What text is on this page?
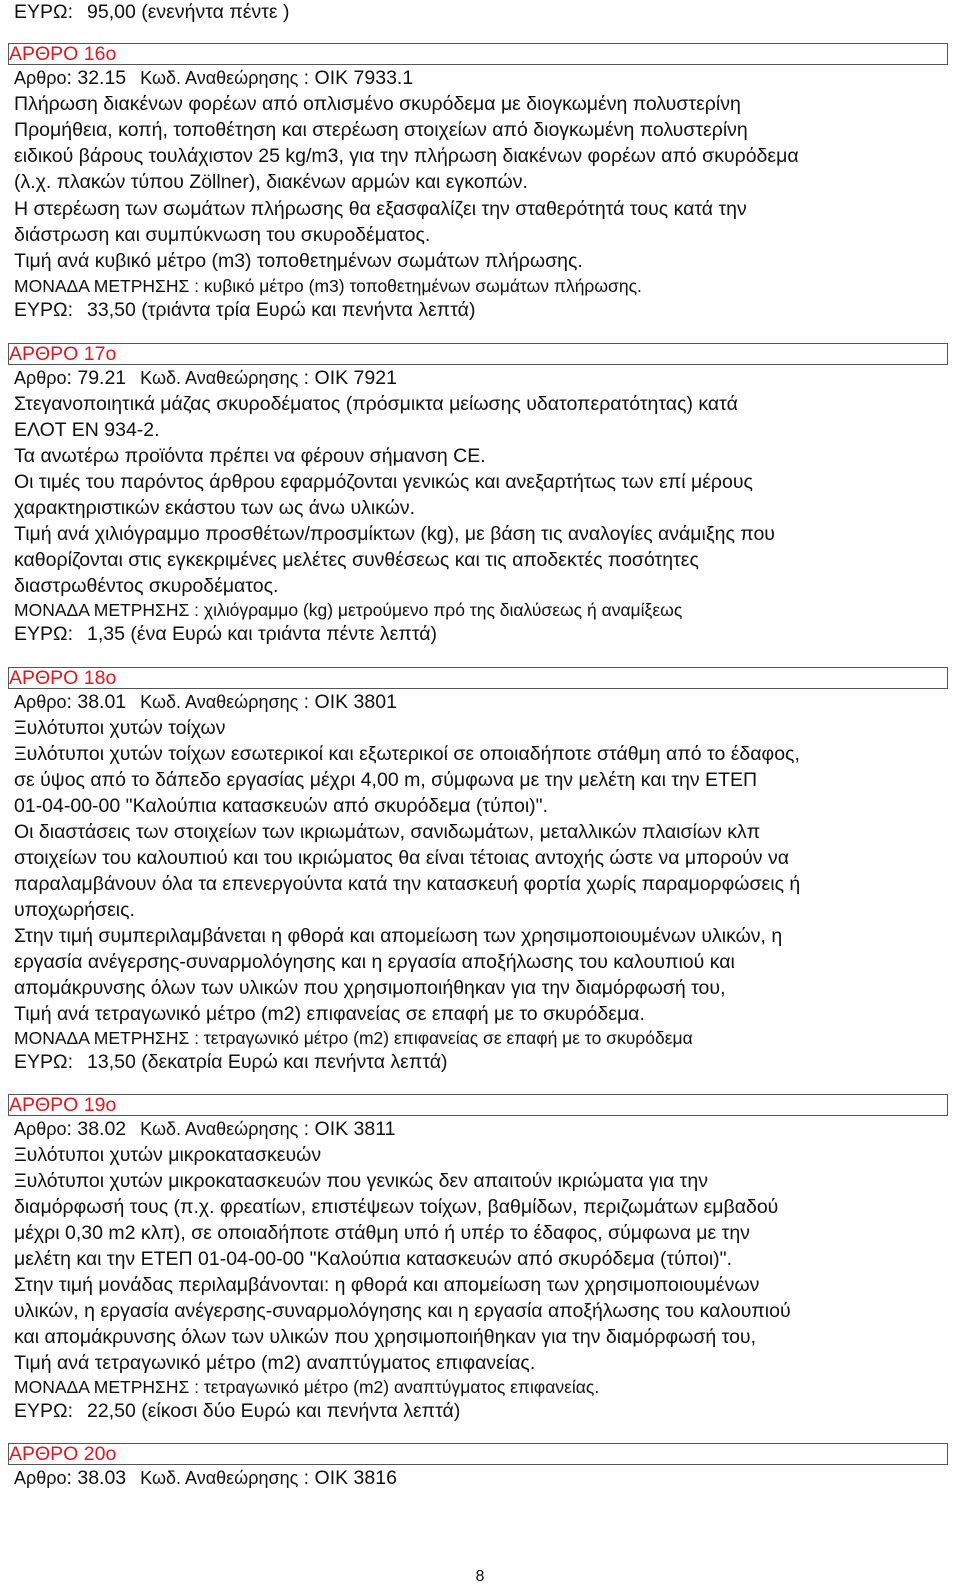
ΕΥΡΩ: 95,00 (ενενήντα πέντε )
ΑΡΘΡΟ 16ο
Αρθρο: 32.15 Κωδ. Αναθεώρησης : ΟΙΚ 7933.1
Πλήρωση διακένων φορέων από οπλισμένο σκυρόδεμα με διογκωμένη πολυστερίνη
Προμήθεια, κοπή, τοποθέτηση και στερέωση στοιχείων από διογκωμένη πολυστερίνη
ειδικού βάρους τουλάχιστον 25 kg/m3, για την πλήρωση διακένων φορέων από σκυρόδεμα
(λ.χ. πλακών τύπου Zöllner), διακένων αρμών και εγκοπών.
Η στερέωση των σωμάτων πλήρωσης θα εξασφαλίζει την σταθερότητά τους κατά την
διάστρωση και συμπύκνωση του σκυροδέματος.
Τιμή ανά κυβικό μέτρο (m3) τοποθετημένων σωμάτων πλήρωσης.
ΜΟΝΑΔΑ ΜΕΤΡΗΣΗΣ : κυβικό μέτρο (m3) τοποθετημένων σωμάτων πλήρωσης.
ΕΥΡΩ: 33,50 (τριάντα τρία Ευρώ και πενήντα λεπτά)
ΑΡΘΡΟ 17ο
Αρθρο: 79.21 Κωδ. Αναθεώρησης : ΟΙΚ 7921
Στεγανοποιητικά μάζας σκυροδέματος (πρόσμικτα μείωσης υδατοπερατότητας) κατά
ΕΛΟΤ ΕΝ 934-2.
Τα ανωτέρω προϊόντα πρέπει να φέρουν σήμανση CE.
Οι τιμές του παρόντος άρθρου εφαρμόζονται γενικώς και ανεξαρτήτως των επί μέρους
χαρακτηριστικών εκάστου των ως άνω υλικών.
Τιμή ανά χιλιόγραμμο προσθέτων/προσμίκτων (kg), με βάση τις αναλογίες ανάμιξης που
καθορίζονται στις εγκεκριμένες μελέτες συνθέσεως και τις αποδεκτές ποσότητες
διαστρωθέντος σκυροδέματος.
ΜΟΝΑΔΑ ΜΕΤΡΗΣΗΣ : χιλιόγραμμο (kg) μετρούμενο πρό της διαλύσεως ή αναμίξεως
ΕΥΡΩ: 1,35 (ένα Ευρώ και τριάντα πέντε λεπτά)
ΑΡΘΡΟ 18ο
Αρθρο: 38.01 Κωδ. Αναθεώρησης : ΟΙΚ 3801
Ξυλότυποι χυτών τοίχων
Ξυλότυποι χυτών τοίχων εσωτερικοί και εξωτερικοί σε οποιαδήποτε στάθμη από το έδαφος,
σε ύψος από το δάπεδο εργασίας μέχρι 4,00 m, σύμφωνα με την μελέτη και την ΕΤΕΠ
01-04-00-00 "Καλούπια κατασκευών από σκυρόδεμα (τύποι)".
Οι διαστάσεις των στοιχείων των ικριωμάτων, σανιδωμάτων, μεταλλικών πλαισίων κλπ
στοιχείων του καλουπιού και του ικριώματος θα είναι τέτοιας αντοχής ώστε να μπορούν να
παραλαμβάνουν όλα τα επενεργούντα κατά την κατασκευή φορτία χωρίς παραμορφώσεις ή
υποχωρήσεις.
Στην τιμή συμπεριλαμβάνεται η φθορά και απομείωση των χρησιμοποιουμένων υλικών, η
εργασία ανέγερσης-συναρμολόγησης και η εργασία αποξήλωσης του καλουπιού και
απομάκρυνσης όλων των υλικών που χρησιμοποιήθηκαν για την διαμόρφωσή του,
Τιμή ανά τετραγωνικό μέτρο (m2) επιφανείας σε επαφή με το σκυρόδεμα.
ΜΟΝΑΔΑ ΜΕΤΡΗΣΗΣ : τετραγωνικό μέτρο (m2) επιφανείας σε επαφή με το σκυρόδεμα
ΕΥΡΩ: 13,50 (δεκατρία Ευρώ και πενήντα λεπτά)
ΑΡΘΡΟ 19ο
Αρθρο: 38.02 Κωδ. Αναθεώρησης : ΟΙΚ 3811
Ξυλότυποι χυτών μικροκατασκευών
Ξυλότυποι χυτών μικροκατασκευών που γενικώς δεν απαιτούν ικριώματα για την
διαμόρφωσή τους (π.χ. φρεατίων, επιστέψεων τοίχων, βαθμίδων, περιζωμάτων εμβαδού
μέχρι 0,30 m2 κλπ), σε οποιαδήποτε στάθμη υπό ή υπέρ το έδαφος, σύμφωνα με την
μελέτη και την ΕΤΕΠ 01-04-00-00 "Καλούπια κατασκευών από σκυρόδεμα (τύποι)".
Στην τιμή μονάδας περιλαμβάνονται: η φθορά και απομείωση των χρησιμοποιουμένων
υλικών, η εργασία ανέγερσης-συναρμολόγησης και η εργασία αποξήλωσης του καλουπιού
και απομάκρυνσης όλων των υλικών που χρησιμοποιήθηκαν για την διαμόρφωσή του,
Τιμή ανά τετραγωνικό μέτρο (m2) αναπτύγματος επιφανείας.
ΜΟΝΑΔΑ ΜΕΤΡΗΣΗΣ : τετραγωνικό μέτρο (m2) αναπτύγματος επιφανείας.
ΕΥΡΩ: 22,50 (είκοσι δύο Ευρώ και πενήντα λεπτά)
ΑΡΘΡΟ 20ο
Αρθρο: 38.03 Κωδ. Αναθεώρησης : ΟΙΚ 3816
8
